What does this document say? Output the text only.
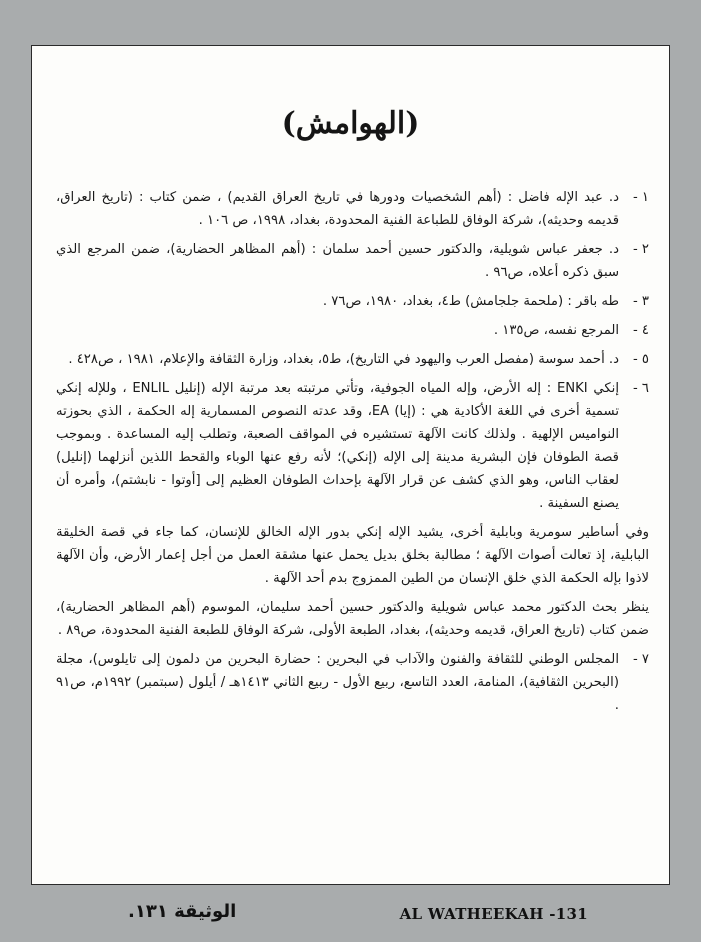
(الهوامش)
١ -
د. عبد الإله فاضل : (أهم الشخصيات ودورها في تاريخ العراق القديم) ، ضمن كتاب : (تاريخ العراق، قديمه وحديثه)، شركة الوفاق للطباعة الفنية المحدودة، بغداد، ١٩٩٨، ص ١٠٦ .
٢ -
د. جعفر عباس شويلية، والدكتور حسين أحمد سلمان : (أهم المظاهر الحضارية)، ضمن المرجع الذي سبق ذكره أعلاه، ص٩٦ .
٣ -
طه باقر : (ملحمة جلجامش) ط٤، بغداد، ١٩٨٠، ص٧٦ .
٤ -
المرجع نفسه، ص١٣٥ .
٥ -
د. أحمد سوسة (مفصل العرب واليهود في التاريخ)، ط٥، بغداد، وزارة الثقافة والإعلام، ١٩٨١ ، ص٤٢٨ .
٦ -
إنكي ENKI : إله الأرض، وإله المياه الجوفية، وتأتي مرتبته بعد مرتبة الإله (إنليل ENLIL ، وللإله إنكي تسمية أخرى في اللغة الأكادية هي : (إيا) EA، وقد عدته النصوص المسمارية إله الحكمة ، الذي بحوزته النواميس الإلهية . ولذلك كانت الآلهة تستشيره في المواقف الصعبة، وتطلب إليه المساعدة . وبموجب قصة الطوفان فإن البشرية مدينة إلى الإله (إنكي)؛ لأنه رفع عنها الوباء والقحط اللذين أنزلهما (إنليل) لعقاب الناس، وهو الذي كشف عن قرار الآلهة بإحداث الطوفان العظيم إلى [أوتوا - نابشتم)، وأمره أن يصنع السفينة .
وفي أساطير سومرية وبابلية أخرى، يشيد الإله إنكي بدور الإله الخالق للإنسان، كما جاء في قصة الخليقة البابلية، إذ تعالت أصوات الآلهة ؛ مطالبة بخلق بديل يحمل عنها مشقة العمل من أجل إعمار الأرض، وأن الآلهة لاذوا بإله الحكمة الذي خلق الإنسان من الطين الممزوج بدم أحد الآلهة .
ينظر بحث الدكتور محمد عباس شويلية والدكتور حسين أحمد سليمان، الموسوم (أهم المظاهر الحضارية)، ضمن كتاب (تاريخ العراق، قديمه وحديثه)، بغداد، الطبعة الأولى، شركة الوفاق للطبعة الفنية المحدودة، ص٨٩ .
٧ -
المجلس الوطني للثقافة والفنون والآداب في البحرين : حضارة البحرين من دلمون إلى تايلوس)، مجلة (البحرين الثقافية)، المنامة، العدد التاسع، ربيع الأول - ربيع الثاني ١٤١٣هـ / أيلول (سبتمبر) ١٩٩٢م، ص٩١ .
الوثيقة ١٣١.	AL WATHEEKAH -131
